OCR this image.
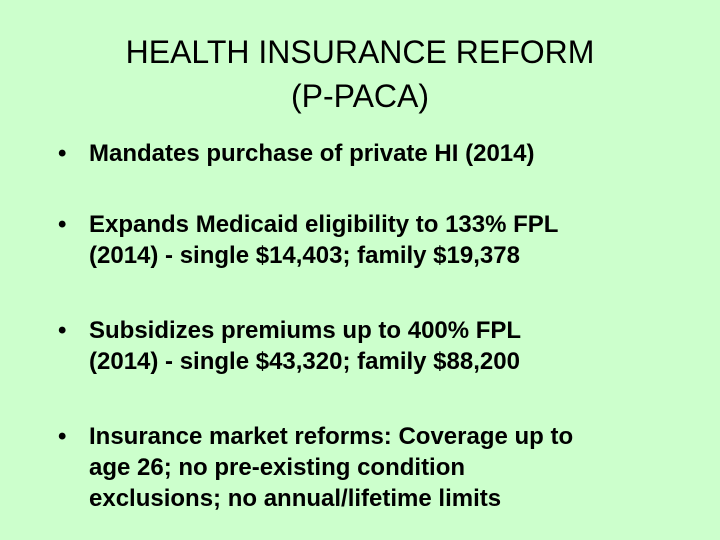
HEALTH INSURANCE REFORM
(P-PACA)
• Mandates purchase of private HI (2014)
• Expands Medicaid eligibility to 133% FPL
(2014) - single $14,403; family $19,378
• Subsidizes premiums up to 400% FPL
(2014) - single $43,320; family $88,200
• Insurance market reforms: Coverage up to
age 26; no pre-existing condition
exclusions; no annual/lifetime limits
